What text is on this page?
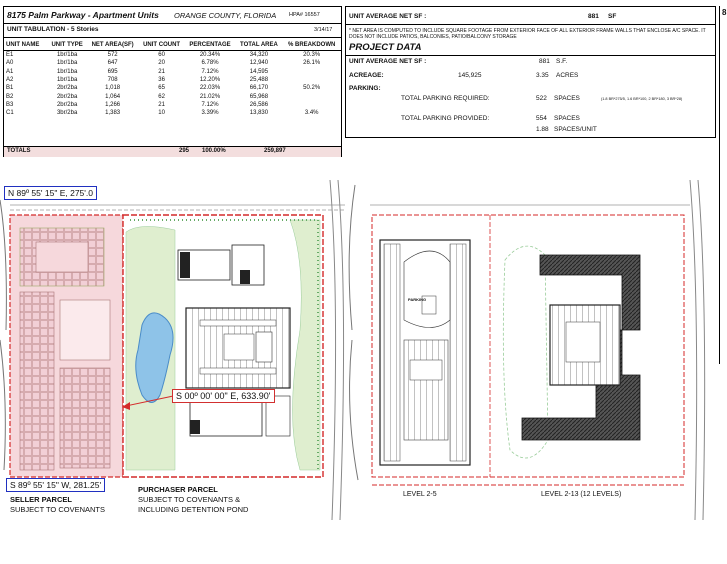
8175 Palm Parkway - Apartment Units ORANGE COUNTY, FLORIDA HPA# 16557
UNIT TABULATION - 5 Stories	3/14/17
UNIT NAME	UNIT TYPE	NET AREA(SF)	UNIT COUNT	PERCENTAGE	TOTAL AREA	% BREAKDOWN
E1	1br/1ba	572	60	20.34%	34,320	20.3%
A0	1br/1ba	647	20	6.78%	12,940	26.1%
A1	1br/1ba	695	21	7.12%	14,595	
A2	1br/1ba	708	36	12.20%	25,488	
B1	2br/2ba	1,018	65	22.03%	66,170	50.2%
B2	2br/2ba	1,064	62	21.02%	65,968	
B3	2br/2ba	1,266	21	7.12%	26,586	
C1	3br/2ba	1,383	10	3.39%	13,830	3.4%
TOTALS	295 100.00%	259,897
UNIT AVERAGE NET SF :	881 SF
* NET AREA IS COMPUTED TO INCLUDE SQUARE FOOTAGE FROM EXTERIOR FACE OF ALL EXTERIOR FRAME WALLS THAT ENCLOSE A/C SPACE. IT DOES NOT INCLUDE PATIOS, BALCONIES, PATIO/BALCONY STORAGE
PROJECT DATA
UNIT AVERAGE NET SF :	881 S.F.
ACREAGE:	145,925	3.35 ACRES
PARKING:
TOTAL PARKING REQUIRED:	522 SPACES	(1.8 BR*275/5, 1.6 BR*100, 2 BR*180, 3 BR*28)
TOTAL PARKING PROVIDED:	554 SPACES
1.88 SPACES/UNIT
8
N 89º 55' 15" E, 275'.0
S 00º 00' 00" E, 633.90'
S 89º 55' 15" W, 281.25'
SELLER PARCEL
SUBJECT TO COVENANTS
PURCHASER PARCEL
SUBJECT TO COVENANTS &
INCLUDING DETENTION POND
PARKING
LEVEL 2-5	LEVEL 2-13 (12 LEVELS)
